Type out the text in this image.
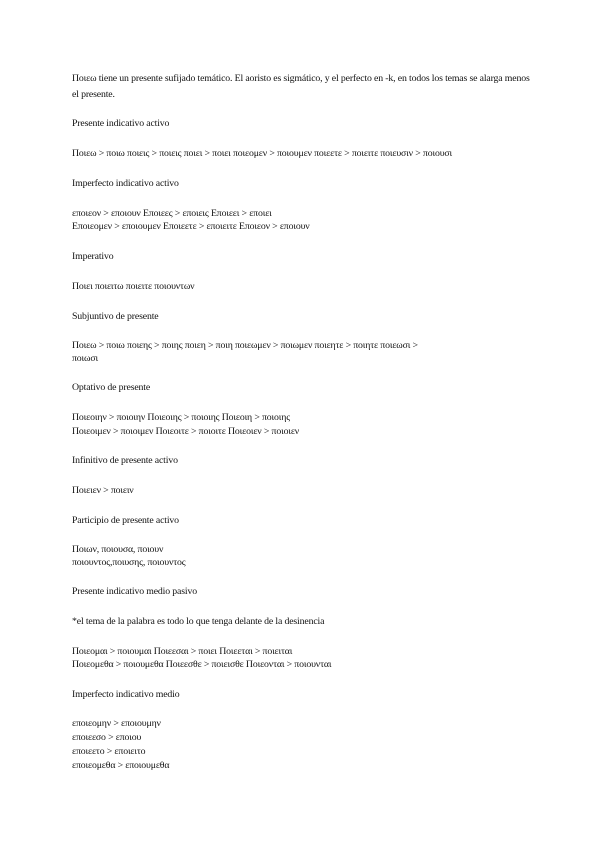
Ποιεω tiene un presente sufijado temático. El aoristo es sigmático, y el perfecto en -k, en todos los temas se alarga menos el presente.
Presente indicativo activo
Ποιεω > ποιω ποιεις > ποιεις ποιει > ποιει ποιεομεν > ποιουμεν ποιεετε > ποιειτε ποιευσιν > ποιουσι
Imperfecto indicativo activo
εποιεον > εποιουν Εποιεες > εποιεις Εποιεει > εποιει
Εποιεομεν > εποιουμεν Εποιεετε > εποιειτε Εποιεον > εποιουν
Imperativo
Ποιει ποιειτω ποιειτε ποιουντων
Subjuntivo de presente
Ποιεω > ποιω ποιεης > ποιης ποιεη > ποιη ποιεωμεν > ποιωμεν ποιεητε > ποιητε ποιεωσι >
ποιωσι
Optativo de presente
Ποιεοιην > ποιοιην Ποιεοιης > ποιοιης Ποιεοιη > ποιοιης
Ποιεοιμεν > ποιοιμεν Ποιεοιτε > ποιοιτε Ποιεοιεν > ποιοιεν
Infinitivo de presente activo
Ποιειεν > ποιειν
Participio de presente activo
Ποιων, ποιουσα, ποιουν
ποιουντος,ποιυσης, ποιουντος
Presente indicativo medio pasivo
*el tema de la palabra es todo lo que tenga delante de la desinencia
Ποιεομαι > ποιουμαι Ποιεεσαι > ποιει Ποιεεται > ποιειται
Ποιεομεθα > ποιουμεθα Ποιεεσθε > ποιεισθε Ποιεονται > ποιουνται
Imperfecto indicativo medio
εποιεομην > εποιουμην
εποιεεσο > εποιου
εποιεετο > εποιειτο
εποιεομεθα > εποιουμεθα
